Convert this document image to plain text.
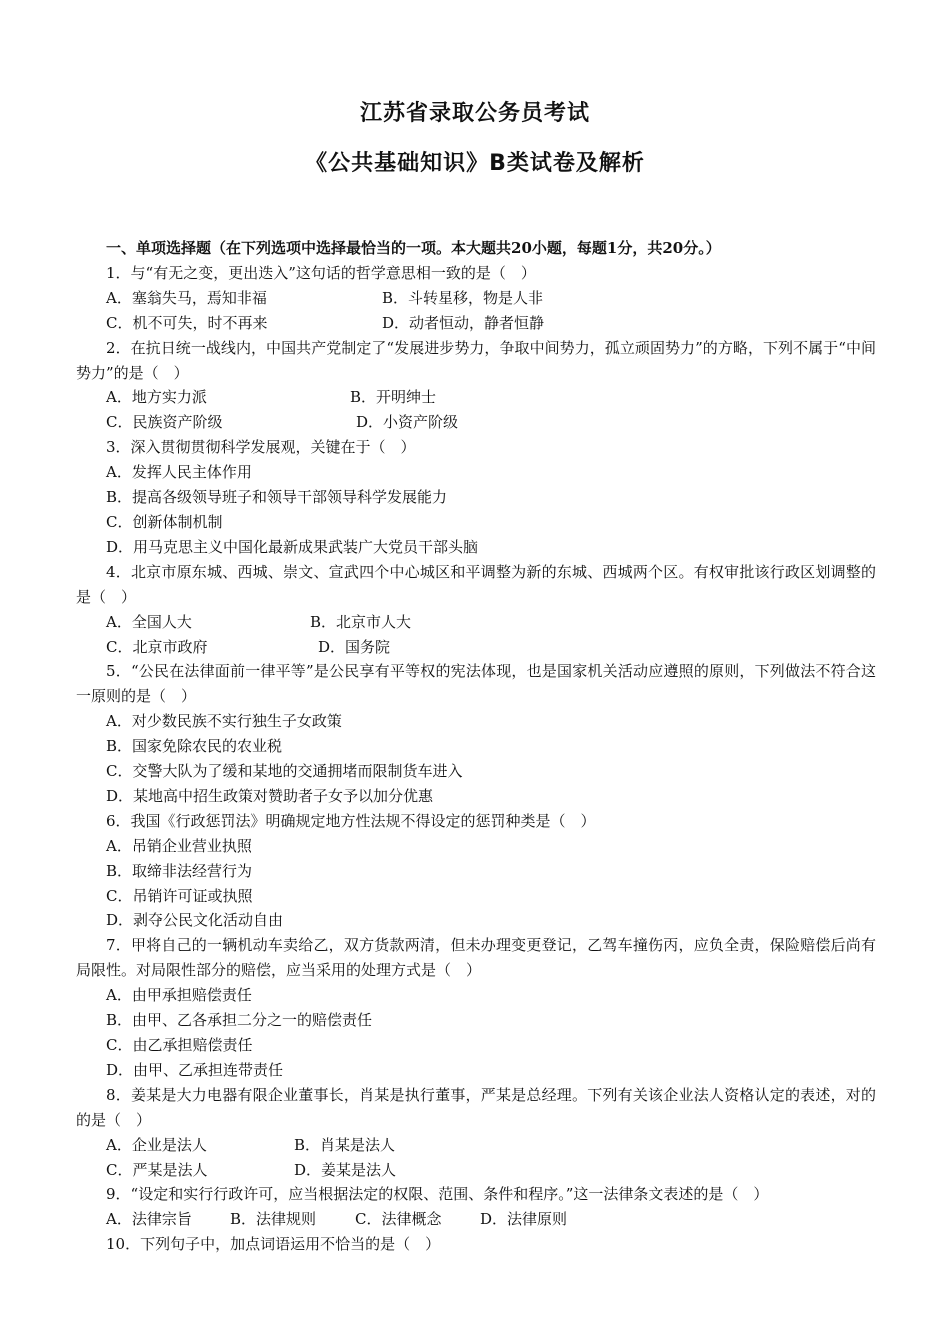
江苏省录取公务员考试
《公共基础知识》B类试卷及解析
一、单项选择题（在下列选项中选择最恰当的一项。本大题共20小题，每题1分，共20分。）
1．与“有无之变，更出迭入”这句话的哲学意思相一致的是（　）
A．塞翁失马，焉知非福	B．斗转星移，物是人非
C．机不可失，时不再来	D．动者恒动，静者恒静
2．在抗日统一战线内，中国共产党制定了“发展进步势力，争取中间势力，孤立顽固势力”的方略，下列不属于“中间势力”的是（　）
A．地方实力派	B．开明绅士
C．民族资产阶级	D．小资产阶级
3．深入贯彻贯彻科学发展观，关键在于（　）
A．发挥人民主体作用
B．提高各级领导班子和领导干部领导科学发展能力
C．创新体制机制
D．用马克思主义中国化最新成果武装广大党员干部头脑
4．北京市原东城、西城、崇文、宣武四个中心城区和平调整为新的东城、西城两个区。有权审批该行政区划调整的是（　）
A．全国人大	B．北京市人大
C．北京市政府	D．国务院
5．“公民在法律面前一律平等”是公民享有平等权的宪法体现，也是国家机关活动应遵照的原则，下列做法不符合这一原则的是（　）
A．对少数民族不实行独生子女政策
B．国家免除农民的农业税
C．交警大队为了缓和某地的交通拥堵而限制货车进入
D．某地高中招生政策对赞助者子女予以加分优惠
6．我国《行政惩罚法》明确规定地方性法规不得设定的惩罚种类是（　）
A．吊销企业营业执照
B．取缔非法经营行为
C．吊销许可证或执照
D．剥夺公民文化活动自由
7．甲将自己的一辆机动车卖给乙，双方货款两清，但未办理变更登记，乙驾车撞伤丙，应负全责，保险赔偿后尚有局限性。对局限性部分的赔偿，应当采用的处理方式是（　）
A．由甲承担赔偿责任
B．由甲、乙各承担二分之一的赔偿责任
C．由乙承担赔偿责任
D．由甲、乙承担连带责任
8．姜某是大力电器有限企业董事长，肖某是执行董事，严某是总经理。下列有关该企业法人资格认定的表述，对的的是（　）
A．企业是法人	B．肖某是法人
C．严某是法人	D．姜某是法人
9．“设定和实行行政许可，应当根据法定的权限、范围、条件和程序。”这一法律条文表述的是（　）
A．法律宗旨	B．法律规则	C．法律概念	D．法律原则
10．下列句子中，加点词语运用不恰当的是（　）
